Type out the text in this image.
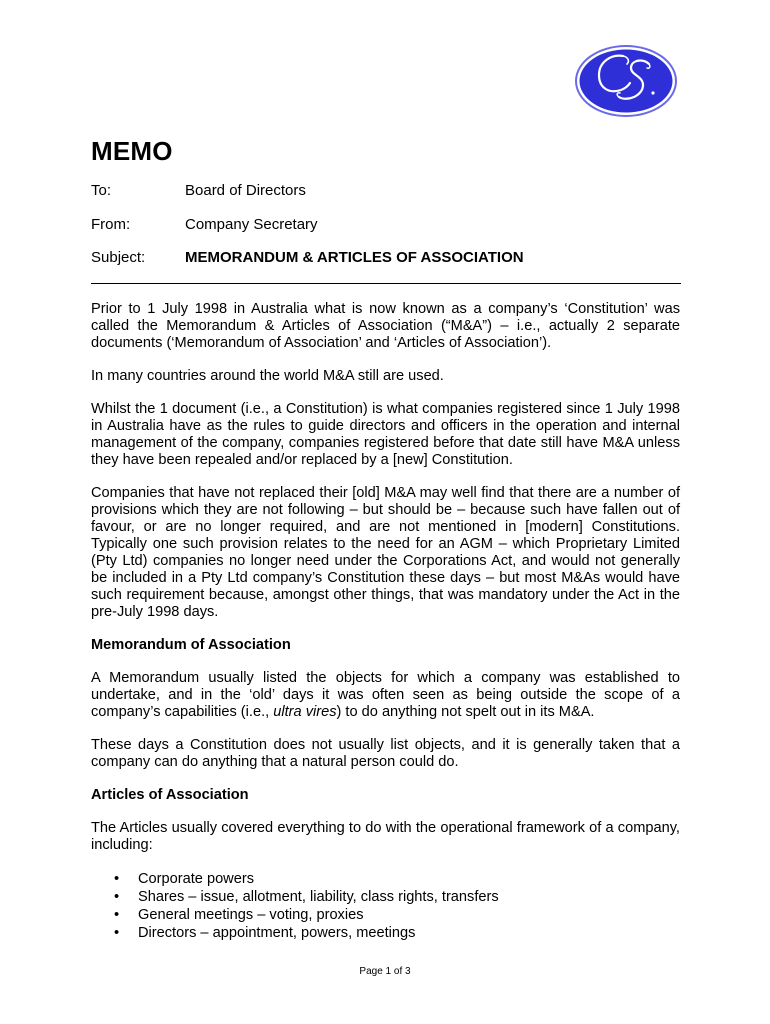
MEMO
To:	Board of Directors
From:	Company Secretary
Subject:	MEMORANDUM & ARTICLES OF ASSOCIATION

Prior to 1 July 1998 in Australia what is now known as a company’s ‘Constitution’ was called the Memorandum & Articles of Association (“M&A”) – i.e., actually 2 separate documents (‘Memorandum of Association’ and ‘Articles of Association’).

In many countries around the world M&A still are used.

Whilst the 1 document (i.e., a Constitution) is what companies registered since 1 July 1998 in Australia have as the rules to guide directors and officers in the operation and internal management of the company, companies registered before that date still have M&A unless they have been repealed and/or replaced by a [new] Constitution.

Companies that have not replaced their [old] M&A may well find that there are a number of provisions which they are not following – but should be – because such have fallen out of favour, or are no longer required, and are not mentioned in [modern] Constitutions. Typically one such provision relates to the need for an AGM – which Proprietary Limited (Pty Ltd) companies no longer need under the Corporations Act, and would not generally be included in a Pty Ltd company’s Constitution these days – but most M&As would have such requirement because, amongst other things, that was mandatory under the Act in the pre-July 1998 days.

Memorandum of Association

A Memorandum usually listed the objects for which a company was established to undertake, and in the ‘old’ days it was often seen as being outside the scope of a company’s capabilities (i.e., ultra vires) to do anything not spelt out in its M&A.

These days a Constitution does not usually list objects, and it is generally taken that a company can do anything that a natural person could do.

Articles of Association

The Articles usually covered everything to do with the operational framework of a company, including:

• Corporate powers
• Shares – issue, allotment, liability, class rights, transfers
• General meetings – voting, proxies
• Directors – appointment, powers, meetings
Page 1 of 3
